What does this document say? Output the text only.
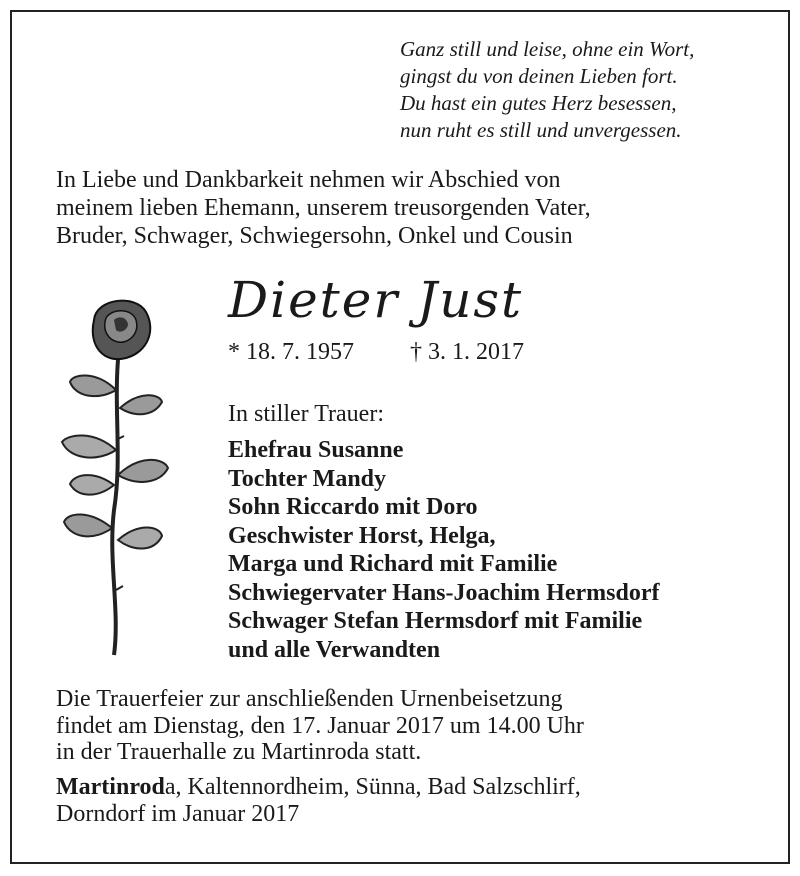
Ganz still und leise, ohne ein Wort,
gingst du von deinen Lieben fort.
Du hast ein gutes Herz besessen,
nun ruht es still und unvergessen.
In Liebe und Dankbarkeit nehmen wir Abschied von
meinem lieben Ehemann, unserem treusorgenden Vater,
Bruder, Schwager, Schwiegersohn, Onkel und Cousin
Dieter Just
* 18. 7. 1957 † 3. 1. 2017
In stiller Trauer:
Ehefrau Susanne
Tochter Mandy
Sohn Riccardo mit Doro
Geschwister Horst, Helga,
Marga und Richard mit Familie
Schwiegervater Hans-Joachim Hermsdorf
Schwager Stefan Hermsdorf mit Familie
und alle Verwandten
Die Trauerfeier zur anschließenden Urnenbeisetzung
findet am Dienstag, den 17. Januar 2017 um 14.00 Uhr
in der Trauerhalle zu Martinroda statt.
Martinroda, Kaltennordheim, Sünna, Bad Salzschlirf,
Dorndorf im Januar 2017
